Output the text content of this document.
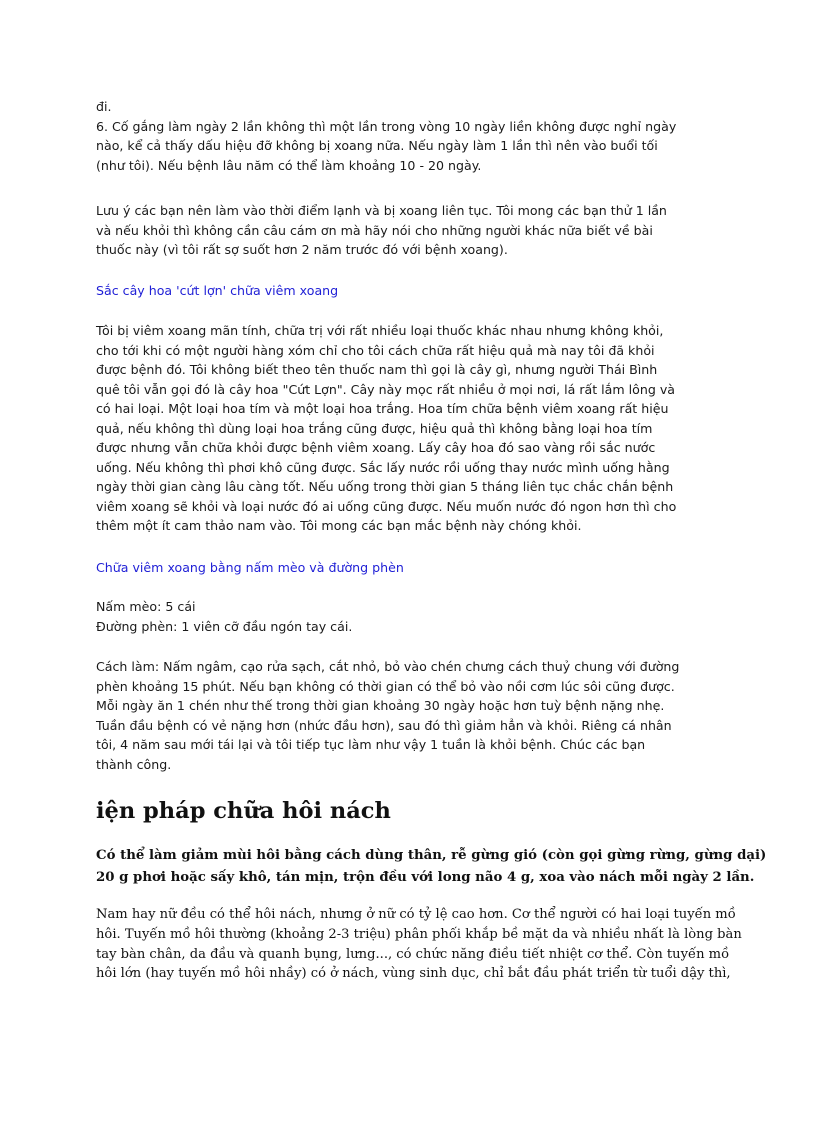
đi.
6. Cố gắng làm ngày 2 lần không thì một lần trong vòng 10 ngày liền không được nghỉ ngày
nào, kể cả thấy dấu hiệu đỡ không bị xoang nữa. Nếu ngày làm 1 lần thì nên vào buổi tối
(như tôi). Nếu bệnh lâu năm có thể làm khoảng 10 - 20 ngày.
Lưu ý các bạn nên làm vào thời điểm lạnh và bị xoang liên tục. Tôi mong các bạn thử 1 lần
và nếu khỏi thì không cần câu cám ơn mà hãy nói cho những người khác nữa biết về bài
thuốc này (vì tôi rất sợ suốt hơn 2 năm trước đó với bệnh xoang).
Sắc cây hoa 'cứt lợn' chữa viêm xoang
Tôi bị viêm xoang mãn tính, chữa trị với rất nhiều loại thuốc khác nhau nhưng không khỏi,
cho tới khi có một người hàng xóm chỉ cho tôi cách chữa rất hiệu quả mà nay tôi đã khỏi
được bệnh đó. Tôi không biết theo tên thuốc nam thì gọi là cây gì, nhưng người Thái Bình
quê tôi vẫn gọi đó là cây hoa "Cứt Lợn". Cây này mọc rất nhiều ở mọi nơi, lá rất lắm lông và
có hai loại. Một loại hoa tím và một loại hoa trắng. Hoa tím chữa bệnh viêm xoang rất hiệu
quả, nếu không thì dùng loại hoa trắng cũng được, hiệu quả thì không bằng loại hoa tím
được nhưng vẫn chữa khỏi được bệnh viêm xoang. Lấy cây hoa đó sao vàng rồi sắc nước
uống. Nếu không thì phơi khô cũng được. Sắc lấy nước rồi uống thay nước mình uống hằng
ngày thời gian càng lâu càng tốt. Nếu uống trong thời gian 5 tháng liên tục chắc chắn bệnh
viêm xoang sẽ khỏi và loại nước đó ai uống cũng được. Nếu muốn nước đó ngon hơn thì cho
thêm một ít cam thảo nam vào. Tôi mong các bạn mắc bệnh này chóng khỏi.
Chữa viêm xoang bằng nấm mèo và đường phèn
Nấm mèo: 5 cái
Đường phèn: 1 viên cỡ đầu ngón tay cái.
Cách làm: Nấm ngâm, cạo rửa sạch, cắt nhỏ, bỏ vào chén chưng cách thuỷ chung với đường
phèn khoảng 15 phút. Nếu bạn không có thời gian có thể bỏ vào nồi cơm lúc sôi cũng được.
Mỗi ngày ăn 1 chén như thế trong thời gian khoảng 30 ngày hoặc hơn tuỳ bệnh nặng nhẹ.
Tuần đầu bệnh có vẻ nặng hơn (nhức đầu hơn), sau đó thì giảm hẳn và khỏi. Riêng cá nhân
tôi, 4 năm sau mới tái lại và tôi tiếp tục làm như vậy 1 tuần là khỏi bệnh. Chúc các bạn
thành công.
iện pháp chữa hôi nách
Có thể làm giảm mùi hôi bằng cách dùng thân, rễ gừng gió (còn gọi gừng rừng, gừng dại)
20 g phơi hoặc sấy khô, tán mịn, trộn đều với long não 4 g, xoa vào nách mỗi ngày 2 lần.
Nam hay nữ đều có thể hôi nách, nhưng ở nữ có tỷ lệ cao hơn. Cơ thể người có hai loại tuyến mồ
hôi. Tuyến mồ hôi thường (khoảng 2-3 triệu) phân phối khắp bề mặt da và nhiều nhất là lòng bàn
tay bàn chân, da đầu và quanh bụng, lưng..., có chức năng điều tiết nhiệt cơ thể. Còn tuyến mồ
hôi lớn (hay tuyến mồ hôi nhầy) có ở nách, vùng sinh dục, chỉ bắt đầu phát triển từ tuổi dậy thì,
